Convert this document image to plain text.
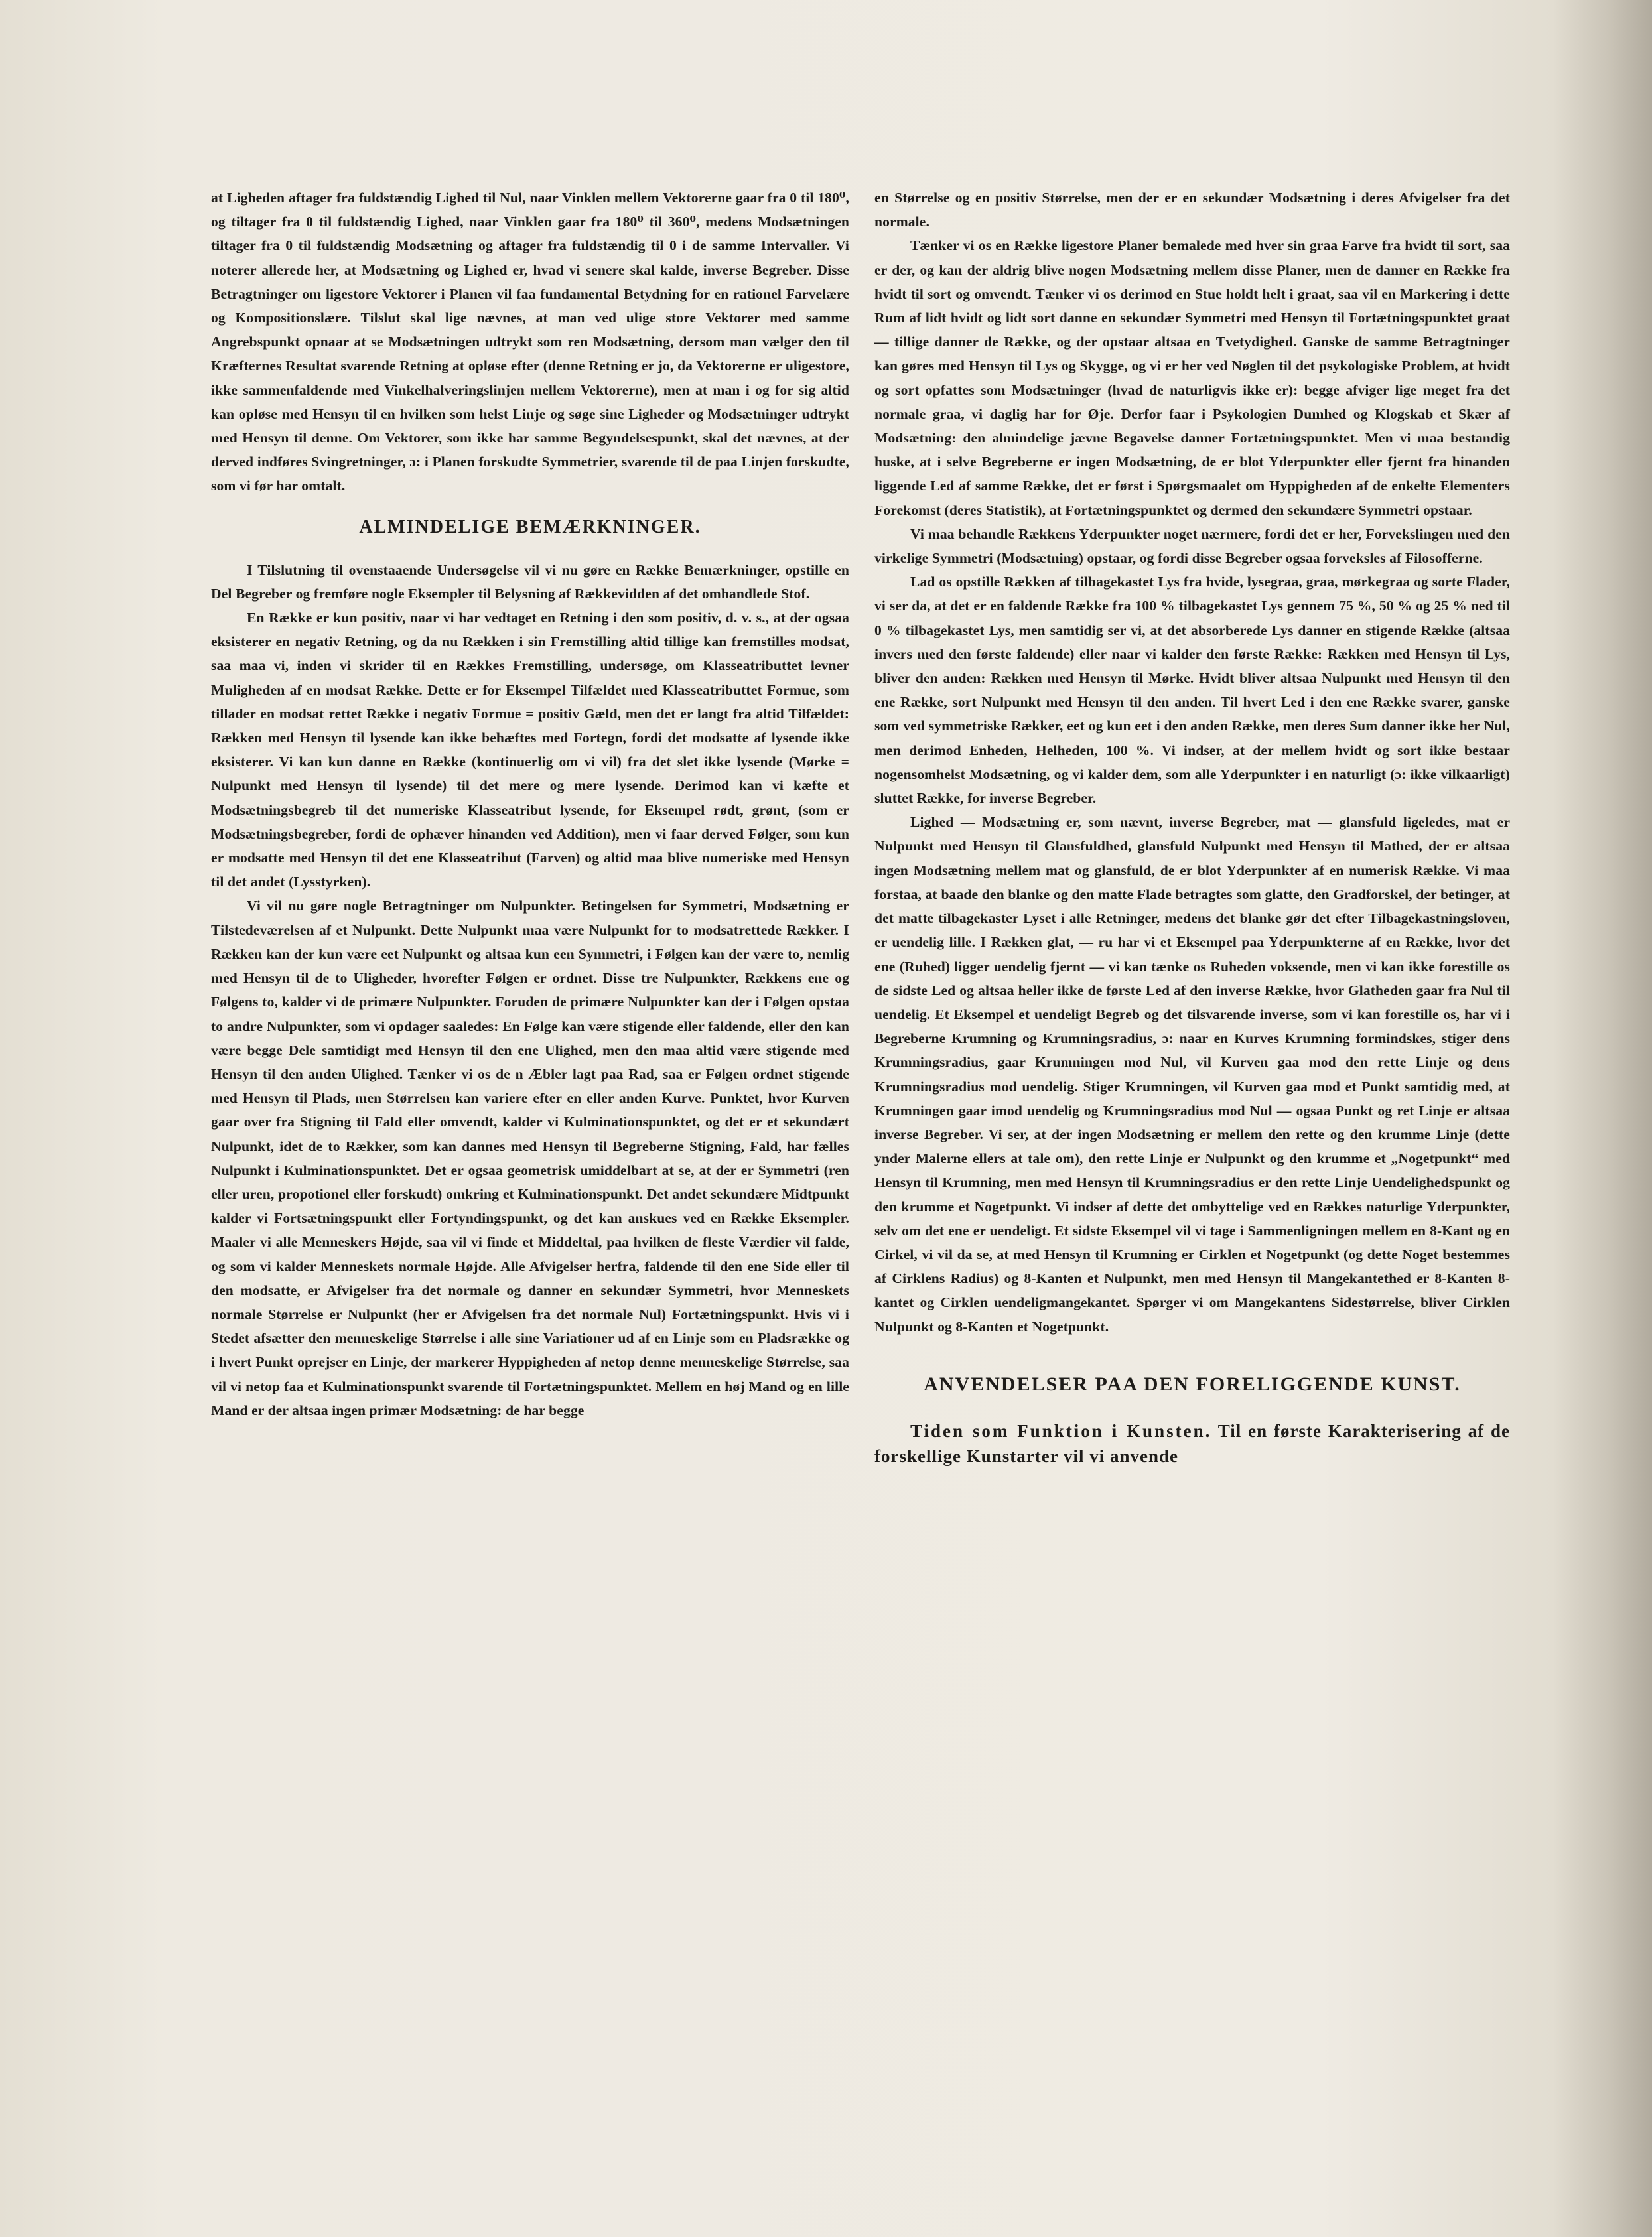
at Ligheden aftager fra fuldstændig Lighed til Nul, naar Vinklen mellem Vektorerne gaar fra 0 til 180⁰, og tiltager fra 0 til fuldstændig Lighed, naar Vinklen gaar fra 180⁰ til 360⁰, medens Modsætningen tiltager fra 0 til fuldstændig Modsætning og aftager fra fuldstændig til 0 i de samme Intervaller. Vi noterer allerede her, at Modsætning og Lighed er, hvad vi senere skal kalde, inverse Begreber. Disse Betragtninger om ligestore Vektorer i Planen vil faa fundamental Betydning for en rationel Farvelære og Kompositionslære. Tilslut skal lige nævnes, at man ved ulige store Vektorer med samme Angrebspunkt opnaar at se Modsætningen udtrykt som ren Modsætning, dersom man vælger den til Kræfternes Resultat svarende Retning at opløse efter (denne Retning er jo, da Vektorerne er uligestore, ikke sammenfaldende med Vinkelhalveringslinjen mellem Vektorerne), men at man i og for sig altid kan opløse med Hensyn til en hvilken som helst Linje og søge sine Ligheder og Modsætninger udtrykt med Hensyn til denne. Om Vektorer, som ikke har samme Begyndelsespunkt, skal det nævnes, at der derved indføres Svingretninger, ɔ: i Planen forskudte Symmetrier, svarende til de paa Linjen forskudte, som vi før har omtalt.

ALMINDELIGE BEMÆRKNINGER.

I Tilslutning til ovenstaaende Undersøgelse vil vi nu gøre en Række Bemærkninger, opstille en Del Begreber og fremføre nogle Eksempler til Belysning af Rækkevidden af det omhandlede Stof.

En Række er kun positiv, naar vi har vedtaget en Retning i den som positiv, d. v. s., at der ogsaa eksisterer en negativ Retning, og da nu Rækken i sin Fremstilling altid tillige kan fremstilles modsat, saa maa vi, inden vi skrider til en Rækkes Fremstilling, undersøge, om Klasseatributtet levner Muligheden af en modsat Række. Dette er for Eksempel Tilfældet med Klasseatributtet Formue, som tillader en modsat rettet Række i negativ Formue = positiv Gæld, men det er langt fra altid Tilfældet: Rækken med Hensyn til lysende kan ikke behæftes med Fortegn, fordi det modsatte af lysende ikke eksisterer. Vi kan kun danne en Række (kontinuerlig om vi vil) fra det slet ikke lysende (Mørke = Nulpunkt med Hensyn til lysende) til det mere og mere lysende. Derimod kan vi kæfte et Modsætningsbegreb til det numeriske Klasseatribut lysende, for Eksempel rødt, grønt, (som er Modsætningsbegreber, fordi de ophæver hinanden ved Addition), men vi faar derved Følger, som kun er modsatte med Hensyn til det ene Klasseatribut (Farven) og altid maa blive numeriske med Hensyn til det andet (Lysstyrken).

Vi vil nu gøre nogle Betragtninger om Nulpunkter. Betingelsen for Symmetri, Modsætning er Tilstedeværelsen af et Nulpunkt. Dette Nulpunkt maa være Nulpunkt for to modsatrettede Rækker. I Rækken kan der kun være eet Nulpunkt og altsaa kun een Symmetri, i Følgen kan der være to, nemlig med Hensyn til de to Uligheder, hvorefter Følgen er ordnet. Disse tre Nulpunkter, Rækkens ene og Følgens to, kalder vi de primære Nulpunkter. Foruden de primære Nulpunkter kan der i Følgen opstaa to andre Nulpunkter, som vi opdager saaledes: En Følge kan være stigende eller faldende, eller den kan være begge Dele samtidigt med Hensyn til den ene Ulighed, men den maa altid være stigende med Hensyn til den anden Ulighed. Tænker vi os de n Æbler lagt paa Rad, saa er Følgen ordnet stigende med Hensyn til Plads, men Størrelsen kan variere efter en eller anden Kurve. Punktet, hvor Kurven gaar over fra Stigning til Fald eller omvendt, kalder vi Kulminationspunktet, og det er et sekundært Nulpunkt, idet de to Rækker, som kan dannes med Hensyn til Begreberne Stigning, Fald, har fælles Nulpunkt i Kulminationspunktet. Det er ogsaa geometrisk umiddelbart at se, at der er Symmetri (ren eller uren, propotionel eller forskudt) omkring et Kulminationspunkt. Det andet sekundære Midtpunkt kalder vi Fortsætningspunkt eller Fortyndingspunkt, og det kan anskues ved en Række Eksempler. Maaler vi alle Menneskers Højde, saa vil vi finde et Middeltal, paa hvilken de fleste Værdier vil falde, og som vi kalder Menneskets normale Højde. Alle Afvigelser herfra, faldende til den ene Side eller til den modsatte, er Afvigelser fra det normale og danner en sekundær Symmetri, hvor Menneskets normale Størrelse er Nulpunkt (her er Afvigelsen fra det normale Nul) Fortætningspunkt. Hvis vi i Stedet afsætter den menneskelige Størrelse i alle sine Variationer ud af en Linje som en Pladsrække og i hvert Punkt oprejser en Linje, der markerer Hyppigheden af netop denne menneskelige Størrelse, saa vil vi netop faa et Kulminationspunkt svarende til Fortætningspunktet. Mellem en høj Mand og en lille Mand er der altsaa ingen primær Modsætning: de har begge

en Størrelse og en positiv Størrelse, men der er en sekundær Modsætning i deres Afvigelser fra det normale.

Tænker vi os en Række ligestore Planer bemalede med hver sin graa Farve fra hvidt til sort, saa er der, og kan der aldrig blive nogen Modsætning mellem disse Planer, men de danner en Række fra hvidt til sort og omvendt. Tænker vi os derimod en Stue holdt helt i graat, saa vil en Markering i dette Rum af lidt hvidt og lidt sort danne en sekundær Symmetri med Hensyn til Fortætningspunktet graat — tillige danner de Række, og der opstaar altsaa en Tvetydighed. Ganske de samme Betragtninger kan gøres med Hensyn til Lys og Skygge, og vi er her ved Nøglen til det psykologiske Problem, at hvidt og sort opfattes som Modsætninger (hvad de naturligvis ikke er): begge afviger lige meget fra det normale graa, vi daglig har for Øje. Derfor faar i Psykologien Dumhed og Klogskab et Skær af Modsætning: den almindelige jævne Begavelse danner Fortætningspunktet. Men vi maa bestandig huske, at i selve Begreberne er ingen Modsætning, de er blot Yderpunkter eller fjernt fra hinanden liggende Led af samme Række, det er først i Spørgsmaalet om Hyppigheden af de enkelte Elementers Forekomst (deres Statistik), at Fortætningspunktet og dermed den sekundære Symmetri opstaar.

Vi maa behandle Rækkens Yderpunkter noget nærmere, fordi det er her, Forvekslingen med den virkelige Symmetri (Modsætning) opstaar, og fordi disse Begreber ogsaa forveksles af Filosofferne.

Lad os opstille Rækken af tilbagekastet Lys fra hvide, lysegraa, graa, mørkegraa og sorte Flader, vi ser da, at det er en faldende Række fra 100 % tilbagekastet Lys gennem 75 %, 50 % og 25 % ned til 0 % tilbagekastet Lys, men samtidig ser vi, at det absorberede Lys danner en stigende Række (altsaa invers med den første faldende) eller naar vi kalder den første Række: Rækken med Hensyn til Lys, bliver den anden: Rækken med Hensyn til Mørke. Hvidt bliver altsaa Nulpunkt med Hensyn til den ene Række, sort Nulpunkt med Hensyn til den anden. Til hvert Led i den ene Række svarer, ganske som ved symmetriske Rækker, eet og kun eet i den anden Række, men deres Sum danner ikke her Nul, men derimod Enheden, Helheden, 100 %. Vi indser, at der mellem hvidt og sort ikke bestaar nogensomhelst Modsætning, og vi kalder dem, som alle Yderpunkter i en naturligt (ɔ: ikke vilkaarligt) sluttet Række, for inverse Begreber.

Lighed — Modsætning er, som nævnt, inverse Begreber, mat — glansfuld ligeledes, mat er Nulpunkt med Hensyn til Glansfuldhed, glansfuld Nulpunkt med Hensyn til Mathed, der er altsaa ingen Modsætning mellem mat og glansfuld, de er blot Yderpunkter af en numerisk Række. Vi maa forstaa, at baade den blanke og den matte Flade betragtes som glatte, den Gradforskel, der betinger, at det matte tilbagekaster Lyset i alle Retninger, medens det blanke gør det efter Tilbagekastningsloven, er uendelig lille. I Rækken glat, — ru har vi et Eksempel paa Yderpunkterne af en Række, hvor det ene (Ruhed) ligger uendelig fjernt — vi kan tænke os Ruheden voksende, men vi kan ikke forestille os de sidste Led og altsaa heller ikke de første Led af den inverse Række, hvor Glatheden gaar fra Nul til uendelig. Et Eksempel et uendeligt Begreb og det tilsvarende inverse, som vi kan forestille os, har vi i Begreberne Krumning og Krumningsradius, ɔ: naar en Kurves Krumning formindskes, stiger dens Krumningsradius, gaar Krumningen mod Nul, vil Kurven gaa mod den rette Linje og dens Krumningsradius mod uendelig. Stiger Krumningen, vil Kurven gaa mod et Punkt samtidig med, at Krumningen gaar imod uendelig og Krumningsradius mod Nul — ogsaa Punkt og ret Linje er altsaa inverse Begreber. Vi ser, at der ingen Modsætning er mellem den rette og den krumme Linje (dette ynder Malerne ellers at tale om), den rette Linje er Nulpunkt og den krumme et „Nogetpunkt“ med Hensyn til Krumning, men med Hensyn til Krumningsradius er den rette Linje Uendelighedspunkt og den krumme et Nogetpunkt. Vi indser af dette det ombyttelige ved en Rækkes naturlige Yderpunkter, selv om det ene er uendeligt. Et sidste Eksempel vil vi tage i Sammenligningen mellem en 8-Kant og en Cirkel, vi vil da se, at med Hensyn til Krumning er Cirklen et Nogetpunkt (og dette Noget bestemmes af Cirklens Radius) og 8-Kanten et Nulpunkt, men med Hensyn til Mangekantethed er 8-Kanten 8-kantet og Cirklen uendeligmangekantet. Spørger vi om Mangekantens Sidestørrelse, bliver Cirklen Nulpunkt og 8-Kanten et Nogetpunkt.

ANVENDELSER PAA DEN FORELIGGENDE KUNST.

Tiden som Funktion i Kunsten. Til en første Karakterisering af de forskellige Kunstarter vil vi anvende
